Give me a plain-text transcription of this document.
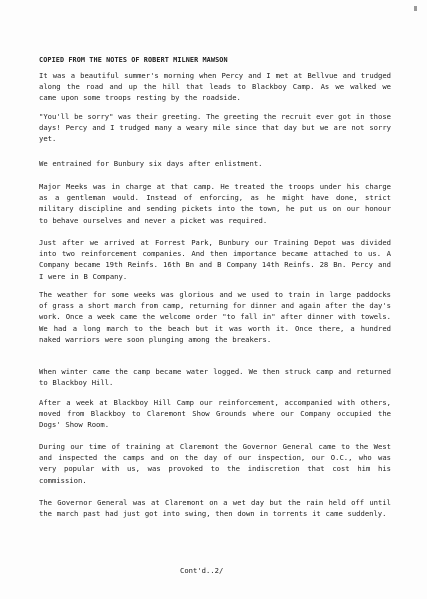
COPIED FROM THE NOTES OF ROBERT MILNER MAWSON

It was a beautiful summer's morning when Percy and I met at Bellvue and trudged along the road and up the hill that leads to Blackboy Camp. As we walked we came upon some troops resting by the roadside.

"You'll be sorry" was their greeting. The greeting the recruit ever got in those days! Percy and I trudged many a weary mile since that day but we are not sorry yet.

We entrained for Bunbury six days after enlistment.

Major Meeks was in charge at that camp. He treated the troops under his charge as a gentleman would. Instead of enforcing, as he might have done, strict military discipline and sending pickets into the town, he put us on our honour to behave ourselves and never a picket was required.

Just after we arrived at Forrest Park, Bunbury our Training Depot was divided into two reinforcement companies. And then importance became attached to us. A Company became 19th Reinfs. 16th Bn and B Company 14th Reinfs. 28 Bn. Percy and I were in B Company.

The weather for some weeks was glorious and we used to train in large paddocks of grass a short march from camp, returning for dinner and again after the day's work. Once a week came the welcome order "to fall in" after dinner with towels. We had a long march to the beach but it was worth it. Once there, a hundred naked warriors were soon plunging among the breakers.

When winter came the camp became water logged. We then struck camp and returned to Blackboy Hill.

After a week at Blackboy Hill Camp our reinforcement, accompanied with others, moved from Blackboy to Claremont Show Grounds where our Company occupied the Dogs' Show Room.

During our time of training at Claremont the Governor General came to the West and inspected the camps and on the day of our inspection, our O.C., who was very popular with us, was provoked to the indiscretion that cost him his commission.

The Governor General was at Claremont on a wet day but the rain held off until the march past had just got into swing, then down in torrents it came suddenly.

Cont'd..2/
